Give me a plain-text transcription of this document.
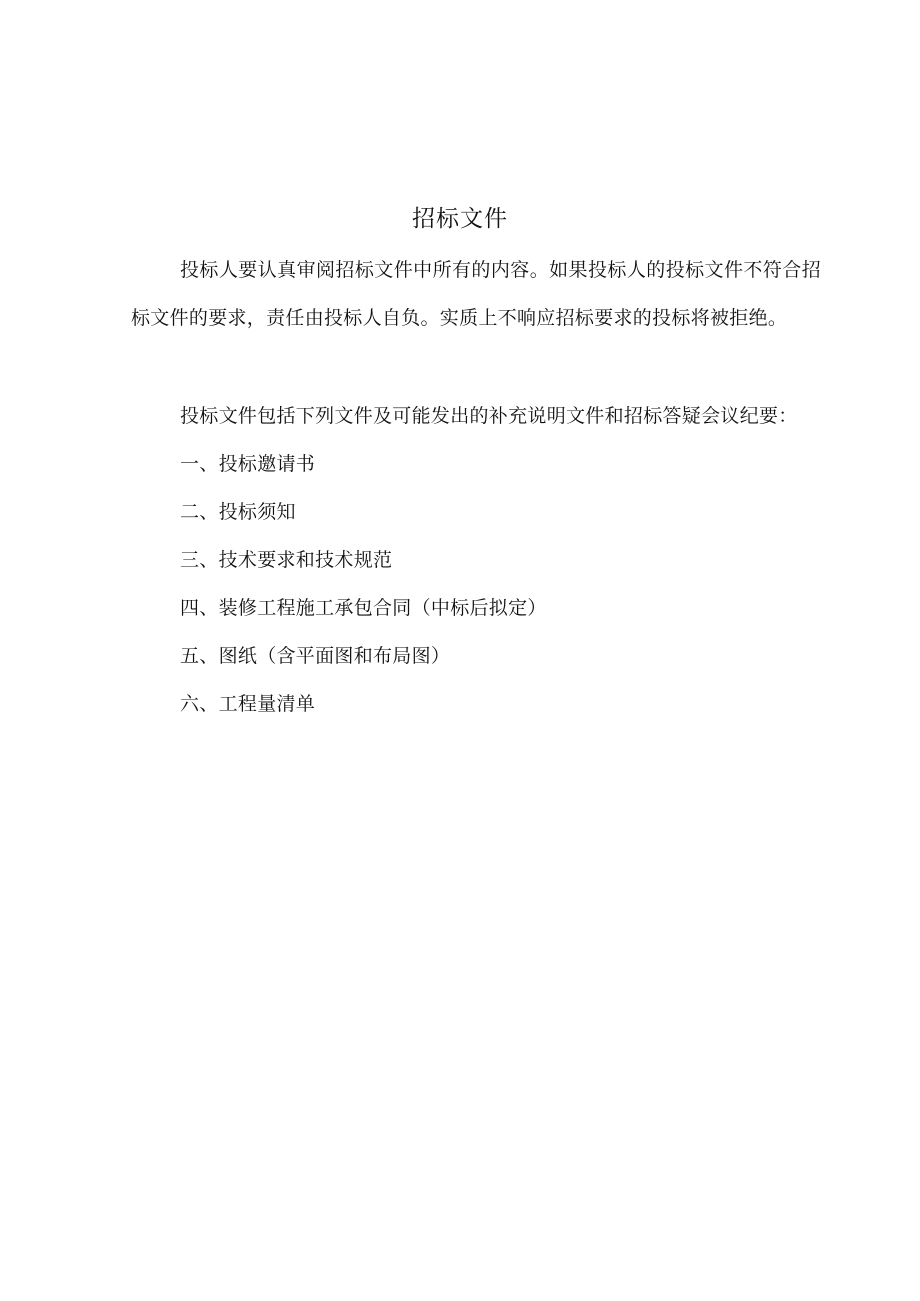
招标文件
投标人要认真审阅招标文件中所有的内容。如果投标人的投标文件不符合招标文件的要求，责任由投标人自负。实质上不响应招标要求的投标将被拒绝。
投标文件包括下列文件及可能发出的补充说明文件和招标答疑会议纪要：
一、投标邀请书
二、投标须知
三、技术要求和技术规范
四、装修工程施工承包合同（中标后拟定）
五、图纸（含平面图和布局图）
六、工程量清单
